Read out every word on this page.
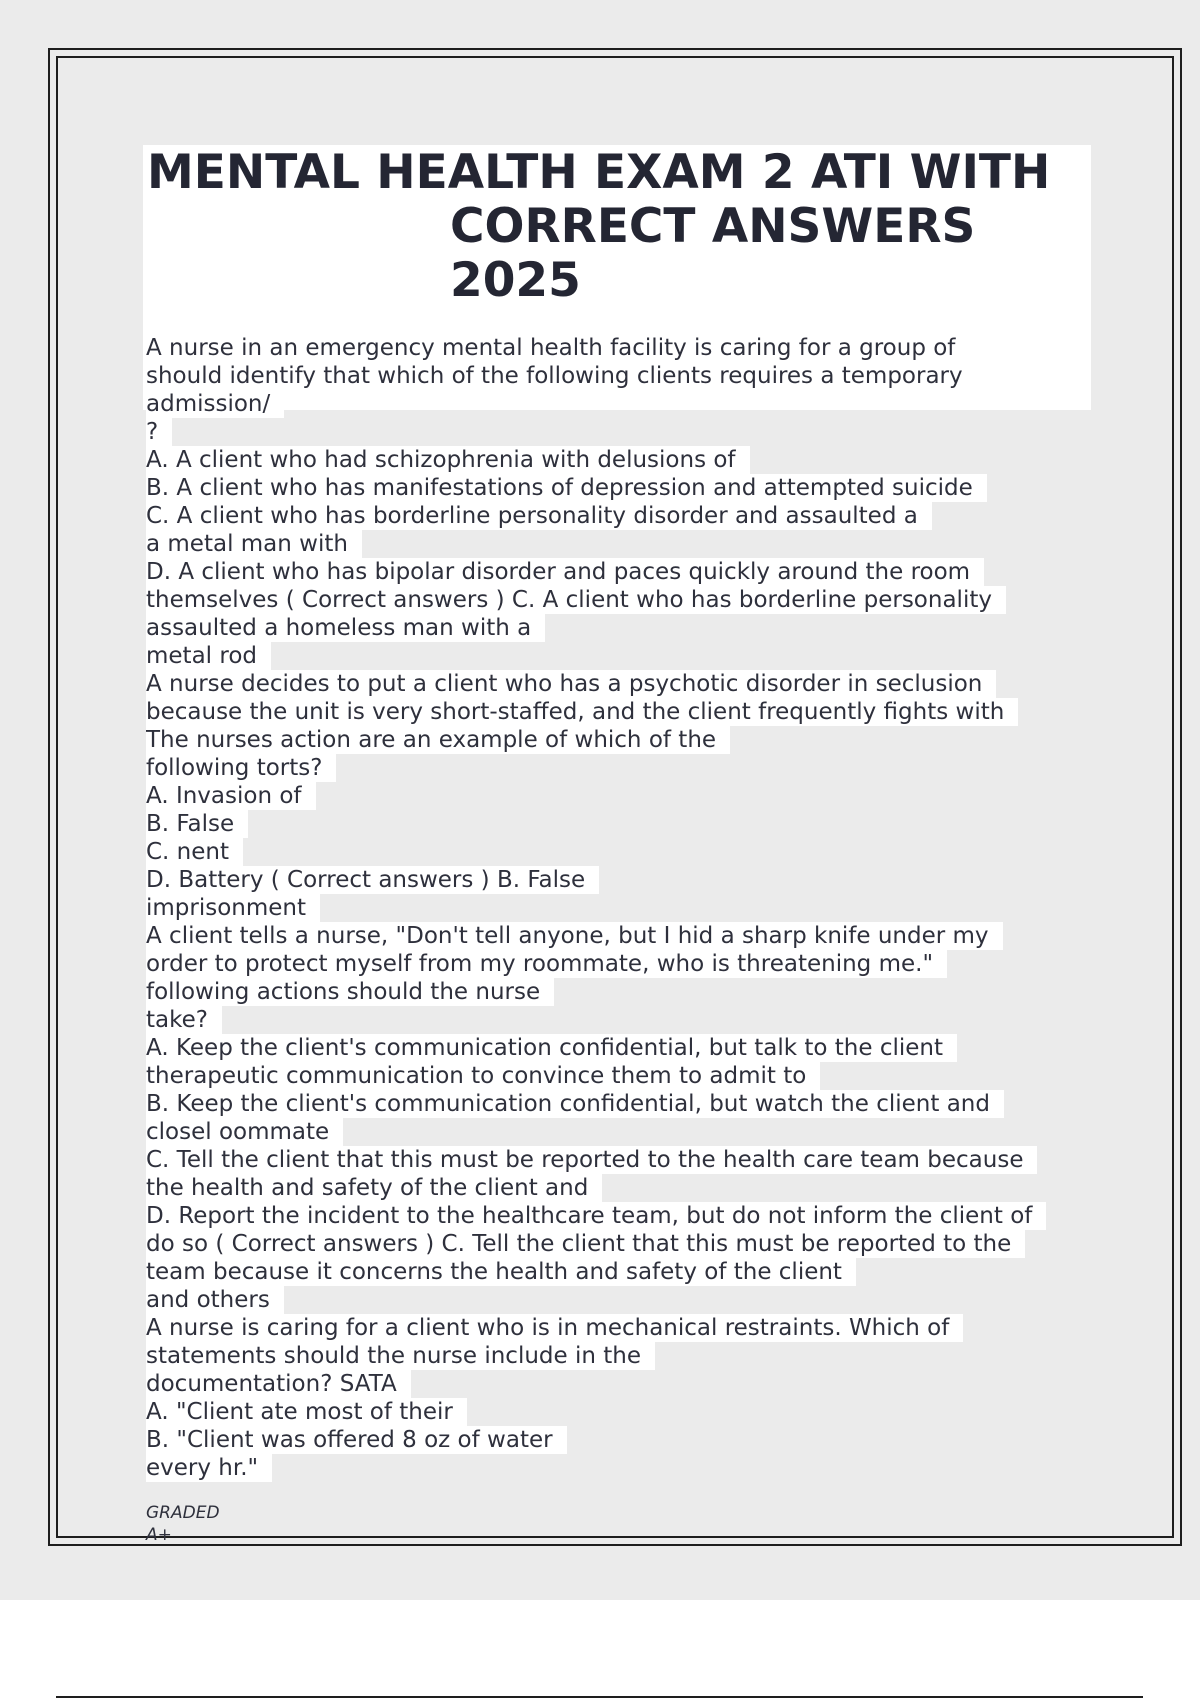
MENTAL HEALTH EXAM 2 ATI WITH
CORRECT ANSWERS
2025
A nurse in an emergency mental health facility is caring for a group of
should identify that which of the following clients requires a temporary
admission/
?
A. A client who had schizophrenia with delusions of
B. A client who has manifestations of depression and attempted suicide
C. A client who has borderline personality disorder and assaulted a
a metal man with
D. A client who has bipolar disorder and paces quickly around the room
themselves ( Correct answers ) C. A client who has borderline personality
assaulted a homeless man with a
metal rod
A nurse decides to put a client who has a psychotic disorder in seclusion
because the unit is very short-staffed, and the client frequently fights with
The nurses action are an example of which of the
following torts?
A. Invasion of
B. False
C. nent
D. Battery ( Correct answers ) B. False
imprisonment
A client tells a nurse, "Don't tell anyone, but I hid a sharp knife under my
order to protect myself from my roommate, who is threatening me."
following actions should the nurse
take?
A. Keep the client's communication confidential, but talk to the client
therapeutic communication to convince them to admit to
B. Keep the client's communication confidential, but watch the client and
closel oommate
C. Tell the client that this must be reported to the health care team because
the health and safety of the client and
D. Report the incident to the healthcare team, but do not inform the client of
do so ( Correct answers ) C. Tell the client that this must be reported to the
team because it concerns the health and safety of the client
and others
A nurse is caring for a client who is in mechanical restraints. Which of
statements should the nurse include in the
documentation? SATA
A. "Client ate most of their
B. "Client was offered 8 oz of water
every hr."
GRADED
A+
